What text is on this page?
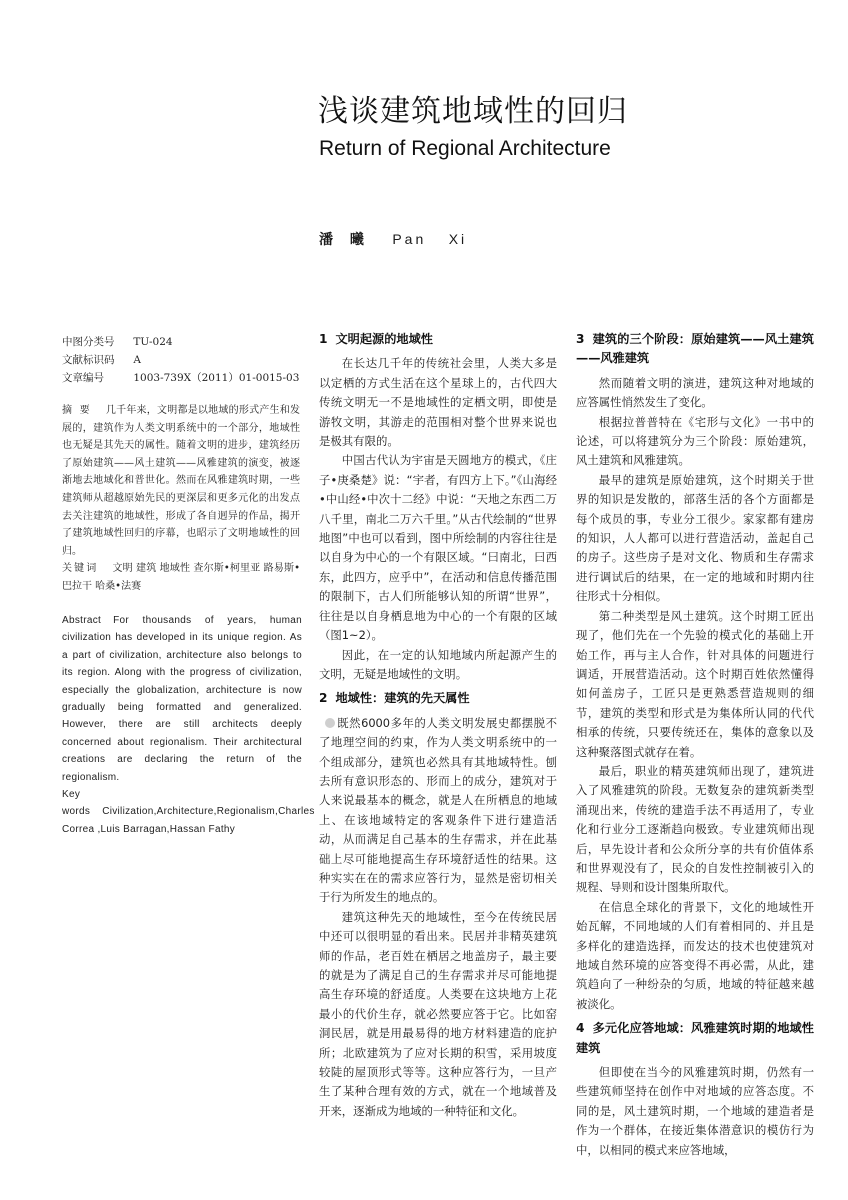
浅谈建筑地域性的回归
Return of Regional Architecture
潘 曦 Pan Xi
中图分类号 TU-024
文献标识码 A
文章编号	1003-739X（2011）01-0015-03
摘 要 几千年来，文明都是以地域的形式产生和发展的，建筑作为人类文明系统中的一个部分，地域性也无疑是其先天的属性。随着文明的进步，建筑经历了原始建筑——风土建筑——风雅建筑的演变，被逐渐地去地域化和普世化。然而在风雅建筑时期，一些建筑师从超越原始先民的更深层和更多元化的出发点去关注建筑的地域性，形成了各自迥异的作品，揭开了建筑地域性回归的序幕，也昭示了文明地域性的回归。
关键词 文明 建筑 地域性 查尔斯•柯里亚 路易斯•巴拉干 哈桑•法赛
Abstract For thousands of years, human civilization has developed in its unique region. As a part of civilization, architecture also belongs to its region. Along with the progress of civilization, especially the globalization, architecture is now gradually being formatted and generalized. However, there are still architects deeply concerned about regionalism. Their architectural creations are declaring the return of the regionalism.
Key words Civilization,Architecture,Regionalism,Charles Correa ,Luis Barragan,Hassan Fathy
1 文明起源的地域性

在长达几千年的传统社会里，人类大多是以定栖的方式生活在这个星球上的，古代四大传统文明无一不是地域性的定栖文明，即使是游牧文明，其游走的范围相对整个世界来说也是极其有限的。

中国古代认为宇宙是天圆地方的模式，《庄子•庚桑楚》说：“宇者，有四方上下。”《山海经•中山经•中次十二经》中说：“天地之东西二万八千里，南北二万六千里。”从古代绘制的“世界地图”中也可以看到，图中所绘制的内容往往是以自身为中心的一个有限区域。“曰南北，曰西东，此四方，应乎中”，在活动和信息传播范围的限制下，古人们所能够认知的所谓“世界”，往往是以自身栖息地为中心的一个有限的区域（图1~2）。

因此，在一定的认知地域内所起源产生的文明，无疑是地域性的文明。

2 地域性：建筑的先天属性

既然6000多年的人类文明发展史都摆脱不了地理空间的约束，作为人类文明系统中的一个组成部分，建筑也必然具有其地域特性。刨去所有意识形态的、形而上的成分，建筑对于人来说最基本的概念，就是人在所栖息的地域上、在该地域特定的客观条件下进行建造活动，从而满足自己基本的生存需求，并在此基础上尽可能地提高生存环境舒适性的结果。这种实实在在的需求应答行为，显然是密切相关于行为所发生的地点的。

建筑这种先天的地域性，至今在传统民居中还可以很明显的看出来。民居并非精英建筑师的作品，老百姓在栖居之地盖房子，最主要的就是为了满足自己的生存需求并尽可能地提高生存环境的舒适度。人类要在这块地方上花最小的代价生存，就必然要应答于它。比如窑洞民居，就是用最易得的地方材料建造的庇护所；北欧建筑为了应对长期的积雪，采用坡度较陡的屋顶形式等等。这种应答行为，一旦产生了某种合理有效的方式，就在一个地域普及开来，逐渐成为地域的一种特征和文化。

3 建筑的三个阶段：原始建筑——风土建筑——风雅建筑

然而随着文明的演进，建筑这种对地域的应答属性悄然发生了变化。

根据拉普普特在《宅形与文化》一书中的论述，可以将建筑分为三个阶段：原始建筑，风土建筑和风雅建筑。

最早的建筑是原始建筑，这个时期关于世界的知识是发散的，部落生活的各个方面都是每个成员的事，专业分工很少。家家都有建房的知识，人人都可以进行营造活动，盖起自己的房子。这些房子是对文化、物质和生存需求进行调试后的结果，在一定的地域和时期内往往形式十分相似。

第二种类型是风土建筑。这个时期工匠出现了，他们先在一个先验的模式化的基础上开始工作，再与主人合作，针对具体的问题进行调适，开展营造活动。这个时期百姓依然懂得如何盖房子，工匠只是更熟悉营造规则的细节，建筑的类型和形式是为集体所认同的代代相承的传统，只要传统还在，集体的意象以及这种聚落图式就存在着。

最后，职业的精英建筑师出现了，建筑进入了风雅建筑的阶段。无数复杂的建筑新类型涌现出来，传统的建造手法不再适用了，专业化和行业分工逐渐趋向极致。专业建筑师出现后，早先设计者和公众所分享的共有价值体系和世界观没有了，民众的自发性控制被引入的规程、导则和设计图集所取代。

在信息全球化的背景下，文化的地域性开始瓦解，不同地域的人们有着相同的、并且是多样化的建造选择，而发达的技术也使建筑对地域自然环境的应答变得不再必需，从此，建筑趋向了一种纷杂的匀质，地域的特征越来越被淡化。

4 多元化应答地域：风雅建筑时期的地域性建筑

但即使在当今的风雅建筑时期，仍然有一些建筑师坚持在创作中对地域的应答态度。不同的是，风土建筑时期，一个地域的建造者是作为一个群体，在接近集体潜意识的模仿行为中，以相同的模式来应答地域，
